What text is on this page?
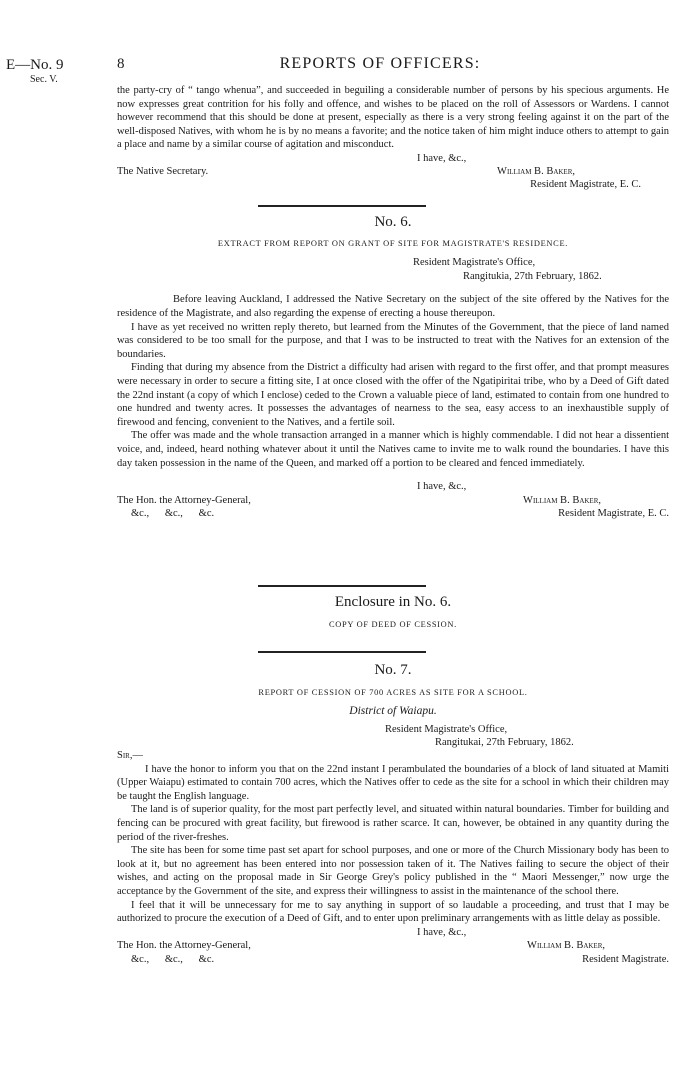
E—No. 9
Sec. V.
8	REPORTS OF OFFICERS:

the party-cry of “ tango whenua”, and succeeded in beguiling a considerable number of persons by his specious arguments. He now expresses great contrition for his folly and offence, and wishes to be placed on the roll of Assessors or Wardens. I cannot however recommend that this should be done at present, especially as there is a very strong feeling against it on the part of the well-disposed Natives, with whom he is by no means a favorite; and the notice taken of him might induce others to attempt to gain a place and name by a similar course of agitation and misconduct.

I have, &c.,

The Native Secretary.	William B. Baker,

Resident Magistrate, E. C.

No. 6.

EXTRACT FROM REPORT ON GRANT OF SITE FOR MAGISTRATE'S RESIDENCE.

Resident Magistrate's Office,
Rangitukia, 27th February, 1862.

Before leaving Auckland, I addressed the Native Secretary on the subject of the site offered by the Natives for the residence of the Magistrate, and also regarding the expense of erecting a house thereupon.

I have as yet received no written reply thereto, but learned from the Minutes of the Government, that the piece of land named was considered to be too small for the purpose, and that I was to be instructed to treat with the Natives for an extension of the boundaries.

Finding that during my absence from the District a difficulty had arisen with regard to the first offer, and that prompt measures were necessary in order to secure a fitting site, I at once closed with the offer of the Ngatipiritai tribe, who by a Deed of Gift dated the 22nd instant (a copy of which I enclose) ceded to the Crown a valuable piece of land, estimated to contain from one hundred to one hundred and twenty acres. It possesses the advantages of nearness to the sea, easy access to an inexhaustible supply of firewood and fencing, convenient to the Natives, and a fertile soil.

The offer was made and the whole transaction arranged in a manner which is highly commendable. I did not hear a dissentient voice, and, indeed, heard nothing whatever about it until the Natives came to invite me to walk round the boundaries. I have this day taken possession in the name of the Queen, and marked off a portion to be cleared and fenced immediately.

I have, &c.,

The Hon. the Attorney-General,	William B. Baker,
&c.,      &c.,      &c.	Resident Magistrate, E. C.

Enclosure in No. 6.

COPY OF DEED OF CESSION.

No. 7.

REPORT OF CESSION OF 700 ACRES AS SITE FOR A SCHOOL.

District of Waiapu.

Resident Magistrate's Office,
Rangitukai, 27th February, 1862.

Sir,—

I have the honor to inform you that on the 22nd instant I perambulated the boundaries of a block of land situated at Mamiti (Upper Waiapu) estimated to contain 700 acres, which the Natives offer to cede as the site for a school in which their children may be taught the English language.

The land is of superior quality, for the most part perfectly level, and situated within natural boundaries. Timber for building and fencing can be procured with great facility, but firewood is rather scarce. It can, however, be obtained in any quantity during the period of the river-freshes.

The site has been for some time past set apart for school purposes, and one or more of the Church Missionary body has been to look at it, but no agreement has been entered into nor possession taken of it. The Natives failing to secure the object of their wishes, and acting on the proposal made in Sir George Grey's policy published in the “ Maori Messenger,” now urge the acceptance by the Government of the site, and express their willingness to assist in the maintenance of the school there.

I feel that it will be unnecessary for me to say anything in support of so laudable a proceeding, and trust that I may be authorized to procure the execution of a Deed of Gift, and to enter upon preliminary arrangements with as little delay as possible.

I have, &c.,

The Hon. the Attorney-General,	William B. Baker,
&c.,      &c.,      &c.	Resident Magistrate.
